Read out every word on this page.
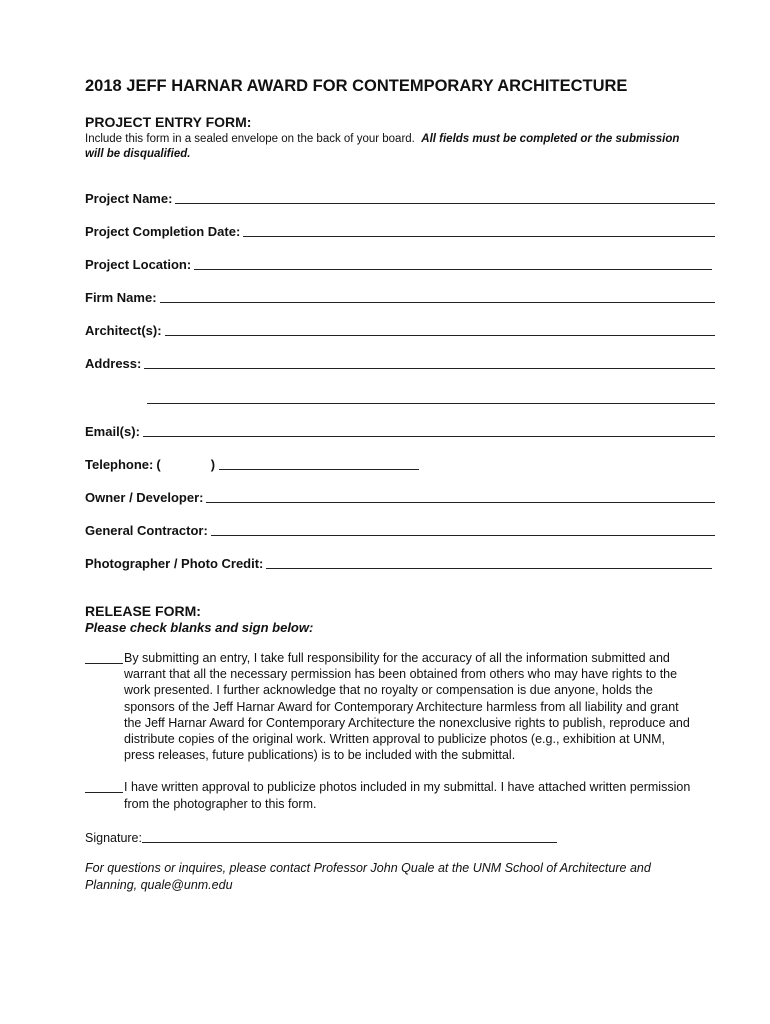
2018 JEFF HARNAR AWARD FOR CONTEMPORARY ARCHITECTURE
PROJECT ENTRY FORM:
Include this form in a sealed envelope on the back of your board. All fields must be completed or the submission will be disqualified.
Project Name:
Project Completion Date:
Project Location:
Firm Name:
Architect(s):
Address:
Email(s):
Telephone: (	)
Owner / Developer:
General Contractor:
Photographer / Photo Credit:
RELEASE FORM:
Please check blanks and sign below:
By submitting an entry, I take full responsibility for the accuracy of all the information submitted and warrant that all the necessary permission has been obtained from others who may have rights to the work presented. I further acknowledge that no royalty or compensation is due anyone, holds the sponsors of the Jeff Harnar Award for Contemporary Architecture harmless from all liability and grant the Jeff Harnar Award for Contemporary Architecture the nonexclusive rights to publish, reproduce and distribute copies of the original work. Written approval to publicize photos (e.g., exhibition at UNM, press releases, future publications) is to be included with the submittal.
I have written approval to publicize photos included in my submittal. I have attached written permission from the photographer to this form.
Signature:
For questions or inquires, please contact Professor John Quale at the UNM School of Architecture and Planning, quale@unm.edu
